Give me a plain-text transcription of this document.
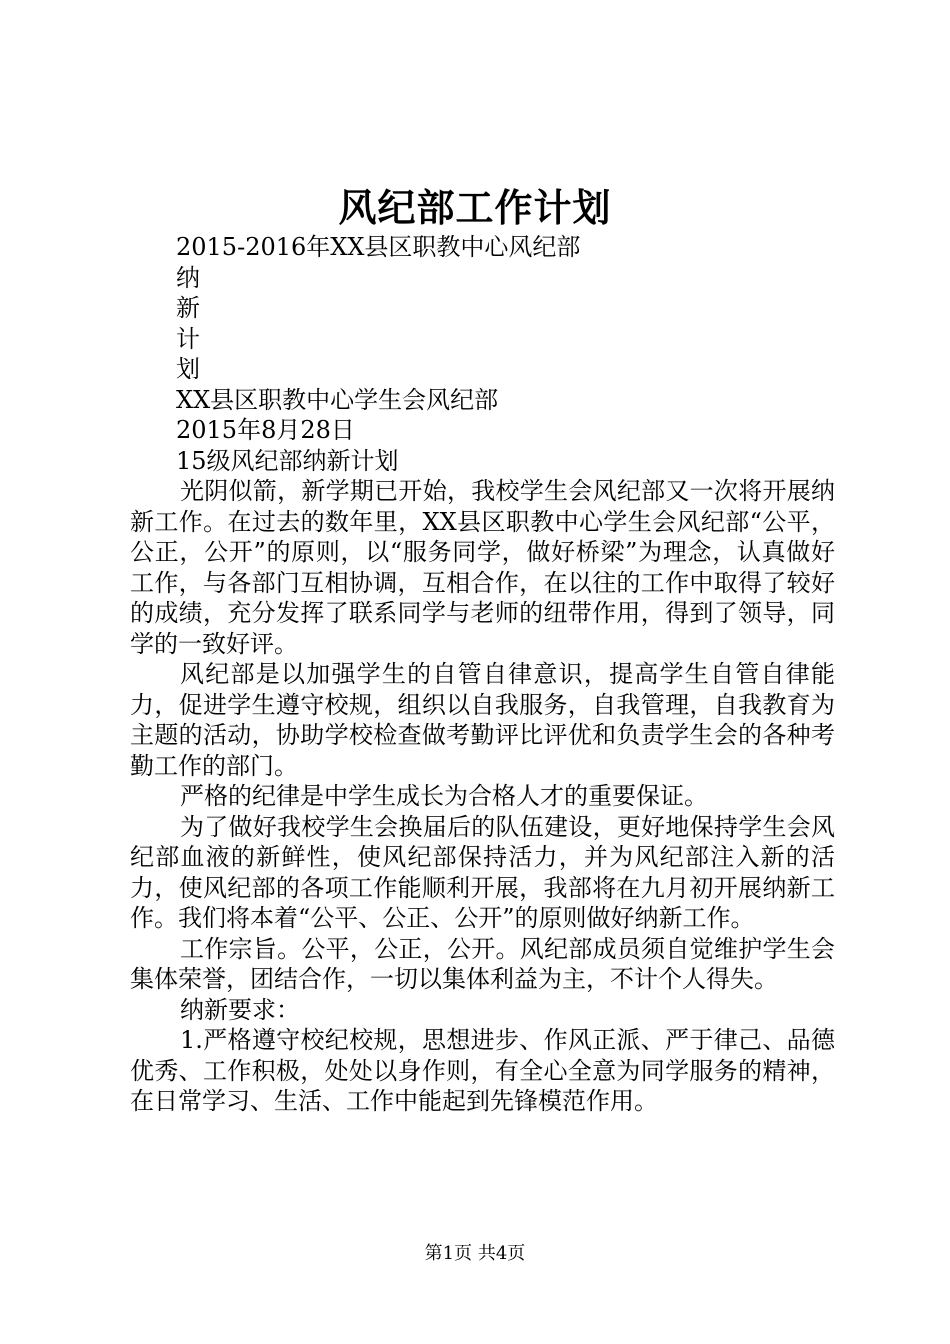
风纪部工作计划

2015-2016年XX县区职教中心风纪部

纳

新

计

划

XX县区职教中心学生会风纪部

2015年8月28日

15级风纪部纳新计划

光阴似箭，新学期已开始，我校学生会风纪部又一次将开展纳新工作。在过去的数年里，XX县区职教中心学生会风纪部“公平，公正，公开”的原则，以“服务同学，做好桥梁”为理念，认真做好工作，与各部门互相协调，互相合作，在以往的工作中取得了较好的成绩，充分发挥了联系同学与老师的纽带作用，得到了领导，同学的一致好评。

风纪部是以加强学生的自管自律意识，提高学生自管自律能力，促进学生遵守校规，组织以自我服务，自我管理，自我教育为主题的活动，协助学校检查做考勤评比评优和负责学生会的各种考勤工作的部门。

严格的纪律是中学生成长为合格人才的重要保证。

为了做好我校学生会换届后的队伍建设，更好地保持学生会风纪部血液的新鲜性，使风纪部保持活力，并为风纪部注入新的活力，使风纪部的各项工作能顺利开展，我部将在九月初开展纳新工作。我们将本着“公平、公正、公开”的原则做好纳新工作。

工作宗旨。公平，公正，公开。风纪部成员须自觉维护学生会集体荣誉，团结合作，一切以集体利益为主，不计个人得失。

纳新要求：

1.严格遵守校纪校规，思想进步、作风正派、严于律己、品德优秀、工作积极，处处以身作则，有全心全意为同学服务的精神，在日常学习、生活、工作中能起到先锋模范作用。

第1页 共4页
